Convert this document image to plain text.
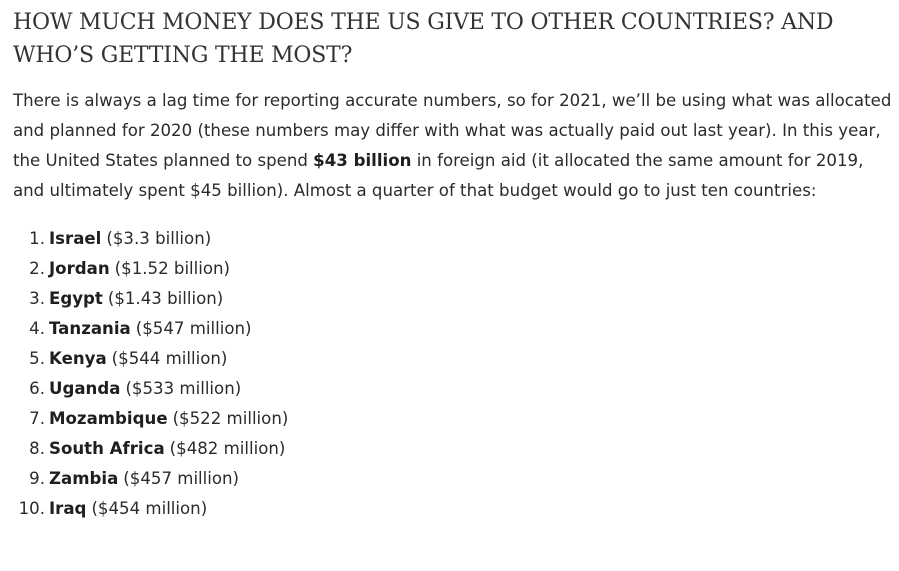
HOW MUCH MONEY DOES THE US GIVE TO OTHER COUNTRIES? AND
WHO’S GETTING THE MOST?

There is always a lag time for reporting accurate numbers, so for 2021, we’ll be using what was allocated and planned for 2020 (these numbers may differ with what was actually paid out last year). In this year, the United States planned to spend $43 billion in foreign aid (it allocated the same amount for 2019, and ultimately spent $45 billion). Almost a quarter of that budget would go to just ten countries:

1. Israel ($3.3 billion)
2. Jordan ($1.52 billion)
3. Egypt ($1.43 billion)
4. Tanzania ($547 million)
5. Kenya ($544 million)
6. Uganda ($533 million)
7. Mozambique ($522 million)
8. South Africa ($482 million)
9. Zambia ($457 million)
10. Iraq ($454 million)
